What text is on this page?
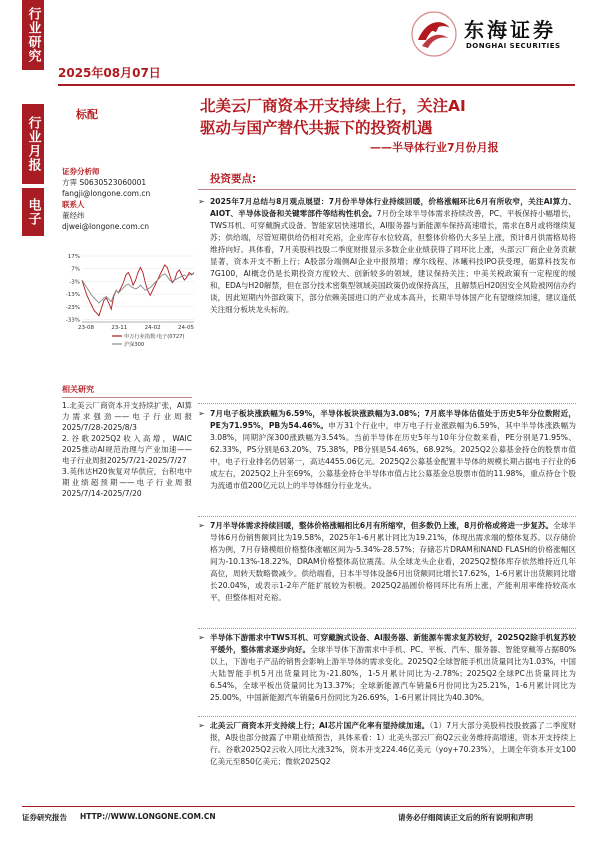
行业研究
2025年08月07日
东海证券
DONGHAI SECURITIES
行业月报
电子
标配	北美云厂商资本开支持续上行，关注AI
驱动与国产替代共振下的投资机遇
——半导体行业7月份月报
证券分析师
方霁 S0630523060001
fangji@longone.com.cn
联系人
董经纬
djwei@longone.com.cn
17%
7%
-3%
-13%
-23%
-33%
23-08	23-11	24-02	24-05
申万行业指数:电子(0727)
沪深300
相关研究
1.北美云厂商资本开支持续扩张，AI算力需求强劲——电子行业周报2025/7/28-2025/8/3
2.谷歌2025Q2收入高增，WAIC 2025推动AI规范治理与产业加速——电子行业周报2025/7/21-2025/7/27
3.英伟达H20恢复对华供应，台积电中期业绩超预期——电子行业周报2025/7/14-2025/7/20
投资要点:
➢ 2025年7月总结与8月观点展望：7月份半导体行业持续回暖，价格涨幅环比6月有所收窄，关注AI算力、AIOT、半导体设备和关键零部件等结构性机会。7月份全球半导体需求持续改善，PC、平板保持小幅增长，TWS耳机、可穿戴腕式设备、智能家居快速增长，AI服务器与新能源车保持高速增长，需求在8月或将继续复苏；供给端，尽管短期供给仍相对充裕，企业库存水位较高，但整体价格仍大多呈上涨，预计8月供需格局将维持向好。具体看，7月美股科技股二季度财报显示多数企业业绩获得了同环比上涨，头部云厂商企业务贡献显著，资本开支不断上行；A股部分端侧AI企业中报预增；摩尔线程、沐曦科技IPO获受理，砺算科技发布7G100，AI概念仍是长期投资方度较大、创新较多的领域，建议保持关注；中美关税政策有一定程度的缓和，EDA与H20解禁，但在部分技术密集型领域美国政策仍或保持高压，且解禁后H20因安全风险被网信办约谈，因此短期内外部政策下，部分依赖美国进口的产业成本高升，长期半导体国产化有望继续加速，建议逢低关注细分板块龙头标的。
➢ 7月电子板块涨跌幅为6.59%，半导体板块涨跌幅为3.08%；7月底半导体估值处于历史5年分位数附近，PE为71.95%，PB为54.46%。申万31个行业中，申万电子行业涨跌幅为6.59%，其中半导体涨跌幅为3.08%，同期沪深300涨跌幅为3.54%。当前半导体在历史5年与10年分位数来看，PE分别是71.95%、62.33%，PS分别是63.20%、75.38%，PB分别是54.46%、68.92%。2025Q2公募基金持仓的股票市值中，电子行业排名仍居第一，高达4455.06亿元。2025Q2公募基金配置半导体的规模长期占据电子行业的6成左右，2025Q2上升至69%，公募基金持仓半导体市值占比公募基金总股票市值的11.98%，重点持仓个股为流通市值200亿元以上的半导体细分行业龙头。
➢ 7月半导体需求持续回暖，整体价格涨幅相比6月有所缩窄，但多数仍上涨，8月价格或将进一步复苏。全球半导体6月份销售额同比为19.58%，2025年1-6月累计同比为19.21%，体现出需求端的整体复苏。以存储价格为例，7月存储模组价格整体涨幅区间为-5.34%-28.57%；存储芯片DRAM和NAND FLASH的价格涨幅区间为-10.13%-18.22%，DRAM价格整体高位震荡。从全球龙头企业看，2025Q2整体库存依然维持近几年高位，周转天数略微减少。供给端看，日本半导体设备6月出货额同比增长17.62%，1-6月累计出货额同比增长20.04%，或表示1-2年产能扩展较为积极。2025Q2晶圆价格同环比有所上涨，产能利用率维持较高水平，但整体相对充裕。
➢ 半导体下游需求中TWS耳机、可穿戴腕式设备、AI服务器、新能源车需求复苏较好，2025Q2除手机复苏较平缓外，整体需求逐步向好。全球半导体下游需求中手机、PC、平板、汽车、服务器、智能穿戴等占据80%以上，下游电子产品的销售会影响上游半导体的需求变化。2025Q2全球智能手机出货量同比为1.03%，中国大陆智能手机5月出货量同比为-21.80%，1-5月累计同比为-2.78%；2025Q2全球PC出货量同比为6.54%，全球平板出货量同比为13.37%；全球新能源汽车销量6月份同比为25.21%，1-6月累计同比为25.00%，中国新能源汽车销量6月份同比为26.69%，1-6月累计同比为40.30%。
➢ 北美云厂商资本开支持续上行；AI芯片国产化率有望持续加速。（1）7月大部分美股科技股披露了二季度财报，A股也部分披露了中期业绩预告，具体来看：1）北美头部云厂商Q2云业务维持高增速，资本开支持续上行。谷歌2025Q2云收入同比大涨32%，资本开支224.46亿美元（yoy+70.23%），上调全年资本开支100亿美元至850亿美元；微软2025Q2
证券研究报告 HTTP://WWW.LONGONE.COM.CN	请务必仔细阅读正文后的所有说明和声明
